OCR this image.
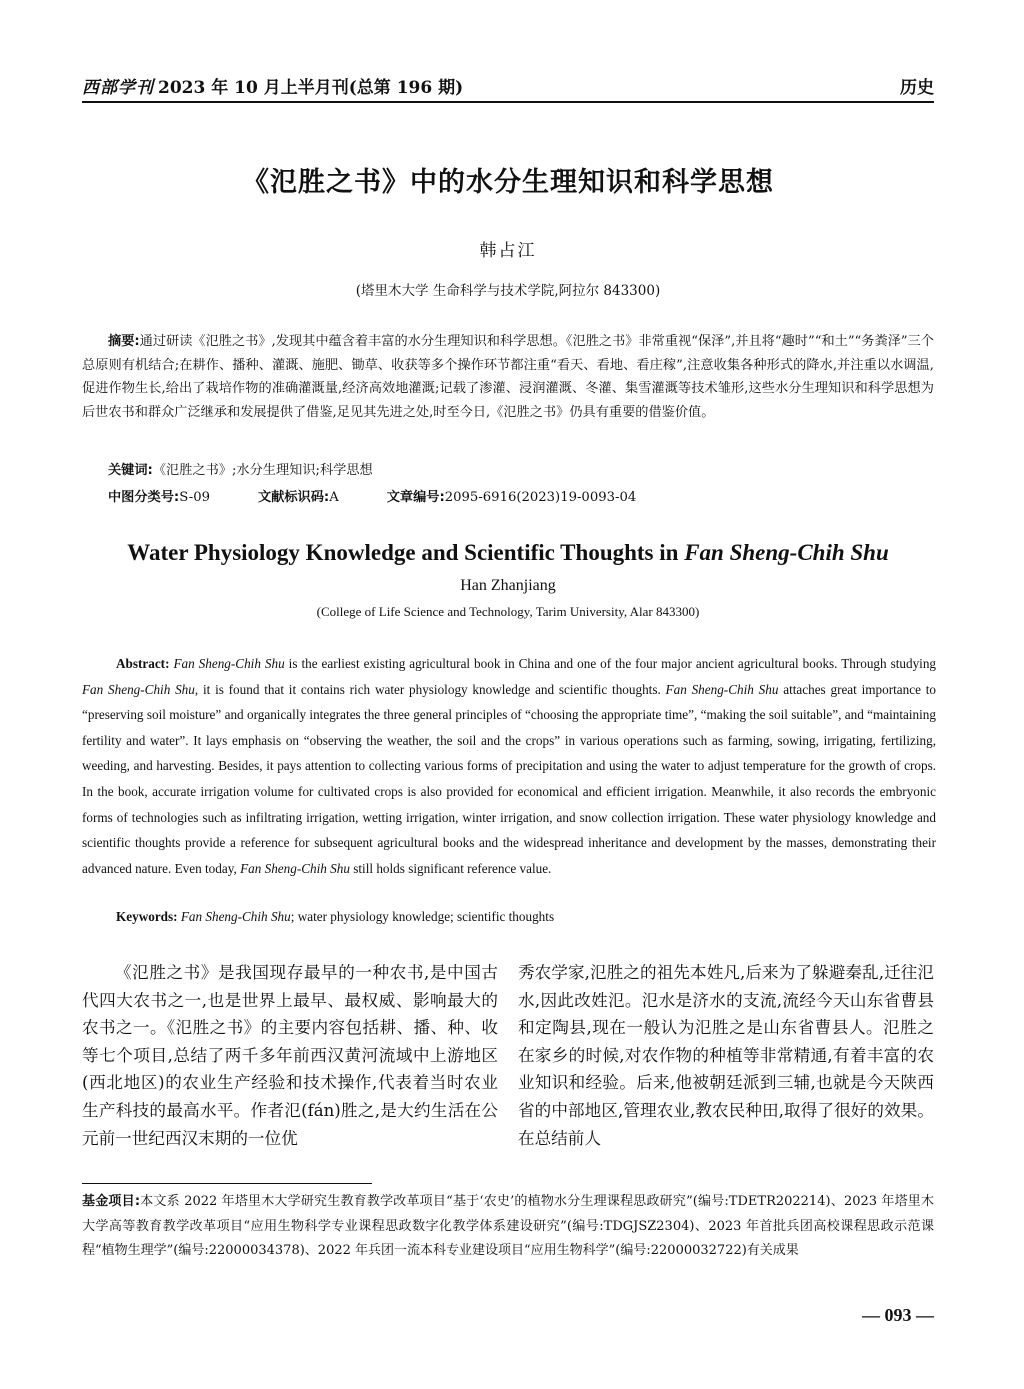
西部学刊 2023 年 10 月上半月刊(总第 196 期)	历史
《氾胜之书》中的水分生理知识和科学思想
韩占江
(塔里木大学 生命科学与技术学院,阿拉尔 843300)
摘要:通过研读《氾胜之书》,发现其中蕴含着丰富的水分生理知识和科学思想。《氾胜之书》非常重视“保泽”,并且将“趣时”“和土”“务粪泽”三个总原则有机结合;在耕作、播种、灌溉、施肥、锄草、收获等多个操作环节都注重“看天、看地、看庄稼”,注意收集各种形式的降水,并注重以水调温,促进作物生长,给出了栽培作物的准确灌溉量,经济高效地灌溉;记载了渗灌、浸润灌溉、冬灌、集雪灌溉等技术雏形,这些水分生理知识和科学思想为后世农书和群众广泛继承和发展提供了借鉴,足见其先进之处,时至今日,《氾胜之书》仍具有重要的借鉴价值。
关键词:《氾胜之书》;水分生理知识;科学思想
中图分类号:S-09	文献标识码:A	文章编号:2095-6916(2023)19-0093-04
Water Physiology Knowledge and Scientific Thoughts in Fan Sheng-Chih Shu
Han Zhanjiang
(College of Life Science and Technology, Tarim University, Alar 843300)
Abstract: Fan Sheng-Chih Shu is the earliest existing agricultural book in China and one of the four major ancient agricultural books. Through studying Fan Sheng-Chih Shu, it is found that it contains rich water physiology knowledge and scientific thoughts. Fan Sheng-Chih Shu attaches great importance to “preserving soil moisture” and organically integrates the three general principles of “choosing the appropriate time”, “making the soil suitable”, and “maintaining fertility and water”. It lays emphasis on “observing the weather, the soil and the crops” in various operations such as farming, sowing, irrigating, fertilizing, weeding, and harvesting. Besides, it pays attention to collecting various forms of precipitation and using the water to adjust temperature for the growth of crops. In the book, accurate irrigation volume for cultivated crops is also provided for economical and efficient irrigation. Meanwhile, it also records the embryonic forms of technologies such as infiltrating irrigation, wetting irrigation, winter irrigation, and snow collection irrigation. These water physiology knowledge and scientific thoughts provide a reference for subsequent agricultural books and the widespread inheritance and development by the masses, demonstrating their advanced nature. Even today, Fan Sheng-Chih Shu still holds significant reference value.
Keywords: Fan Sheng-Chih Shu; water physiology knowledge; scientific thoughts
《氾胜之书》是我国现存最早的一种农书,是中国古代四大农书之一,也是世界上最早、最权威、影响最大的农书之一。《氾胜之书》的主要内容包括耕、播、种、收等七个项目,总结了两千多年前西汉黄河流域中上游地区(西北地区)的农业生产经验和技术操作,代表着当时农业生产科技的最高水平。作者氾(fán)胜之,是大约生活在公元前一世纪西汉末期的一位优
秀农学家,氾胜之的祖先本姓凡,后来为了躲避秦乱,迁往氾水,因此改姓氾。氾水是济水的支流,流经今天山东省曹县和定陶县,现在一般认为氾胜之是山东省曹县人。氾胜之在家乡的时候,对农作物的种植等非常精通,有着丰富的农业知识和经验。后来,他被朝廷派到三辅,也就是今天陕西省的中部地区,管理农业,教农民种田,取得了很好的效果。在总结前人
基金项目:本文系 2022 年塔里木大学研究生教育教学改革项目“基于‘农史’的植物水分生理课程思政研究”(编号:TDETR202214)、2023 年塔里木大学高等教育教学改革项目“应用生物科学专业课程思政数字化教学体系建设研究”(编号:TDGJSZ2304)、2023 年首批兵团高校课程思政示范课程“植物生理学”(编号:22000034378)、2022 年兵团一流本科专业建设项目“应用生物科学”(编号:22000032722)有关成果
— 093 —
